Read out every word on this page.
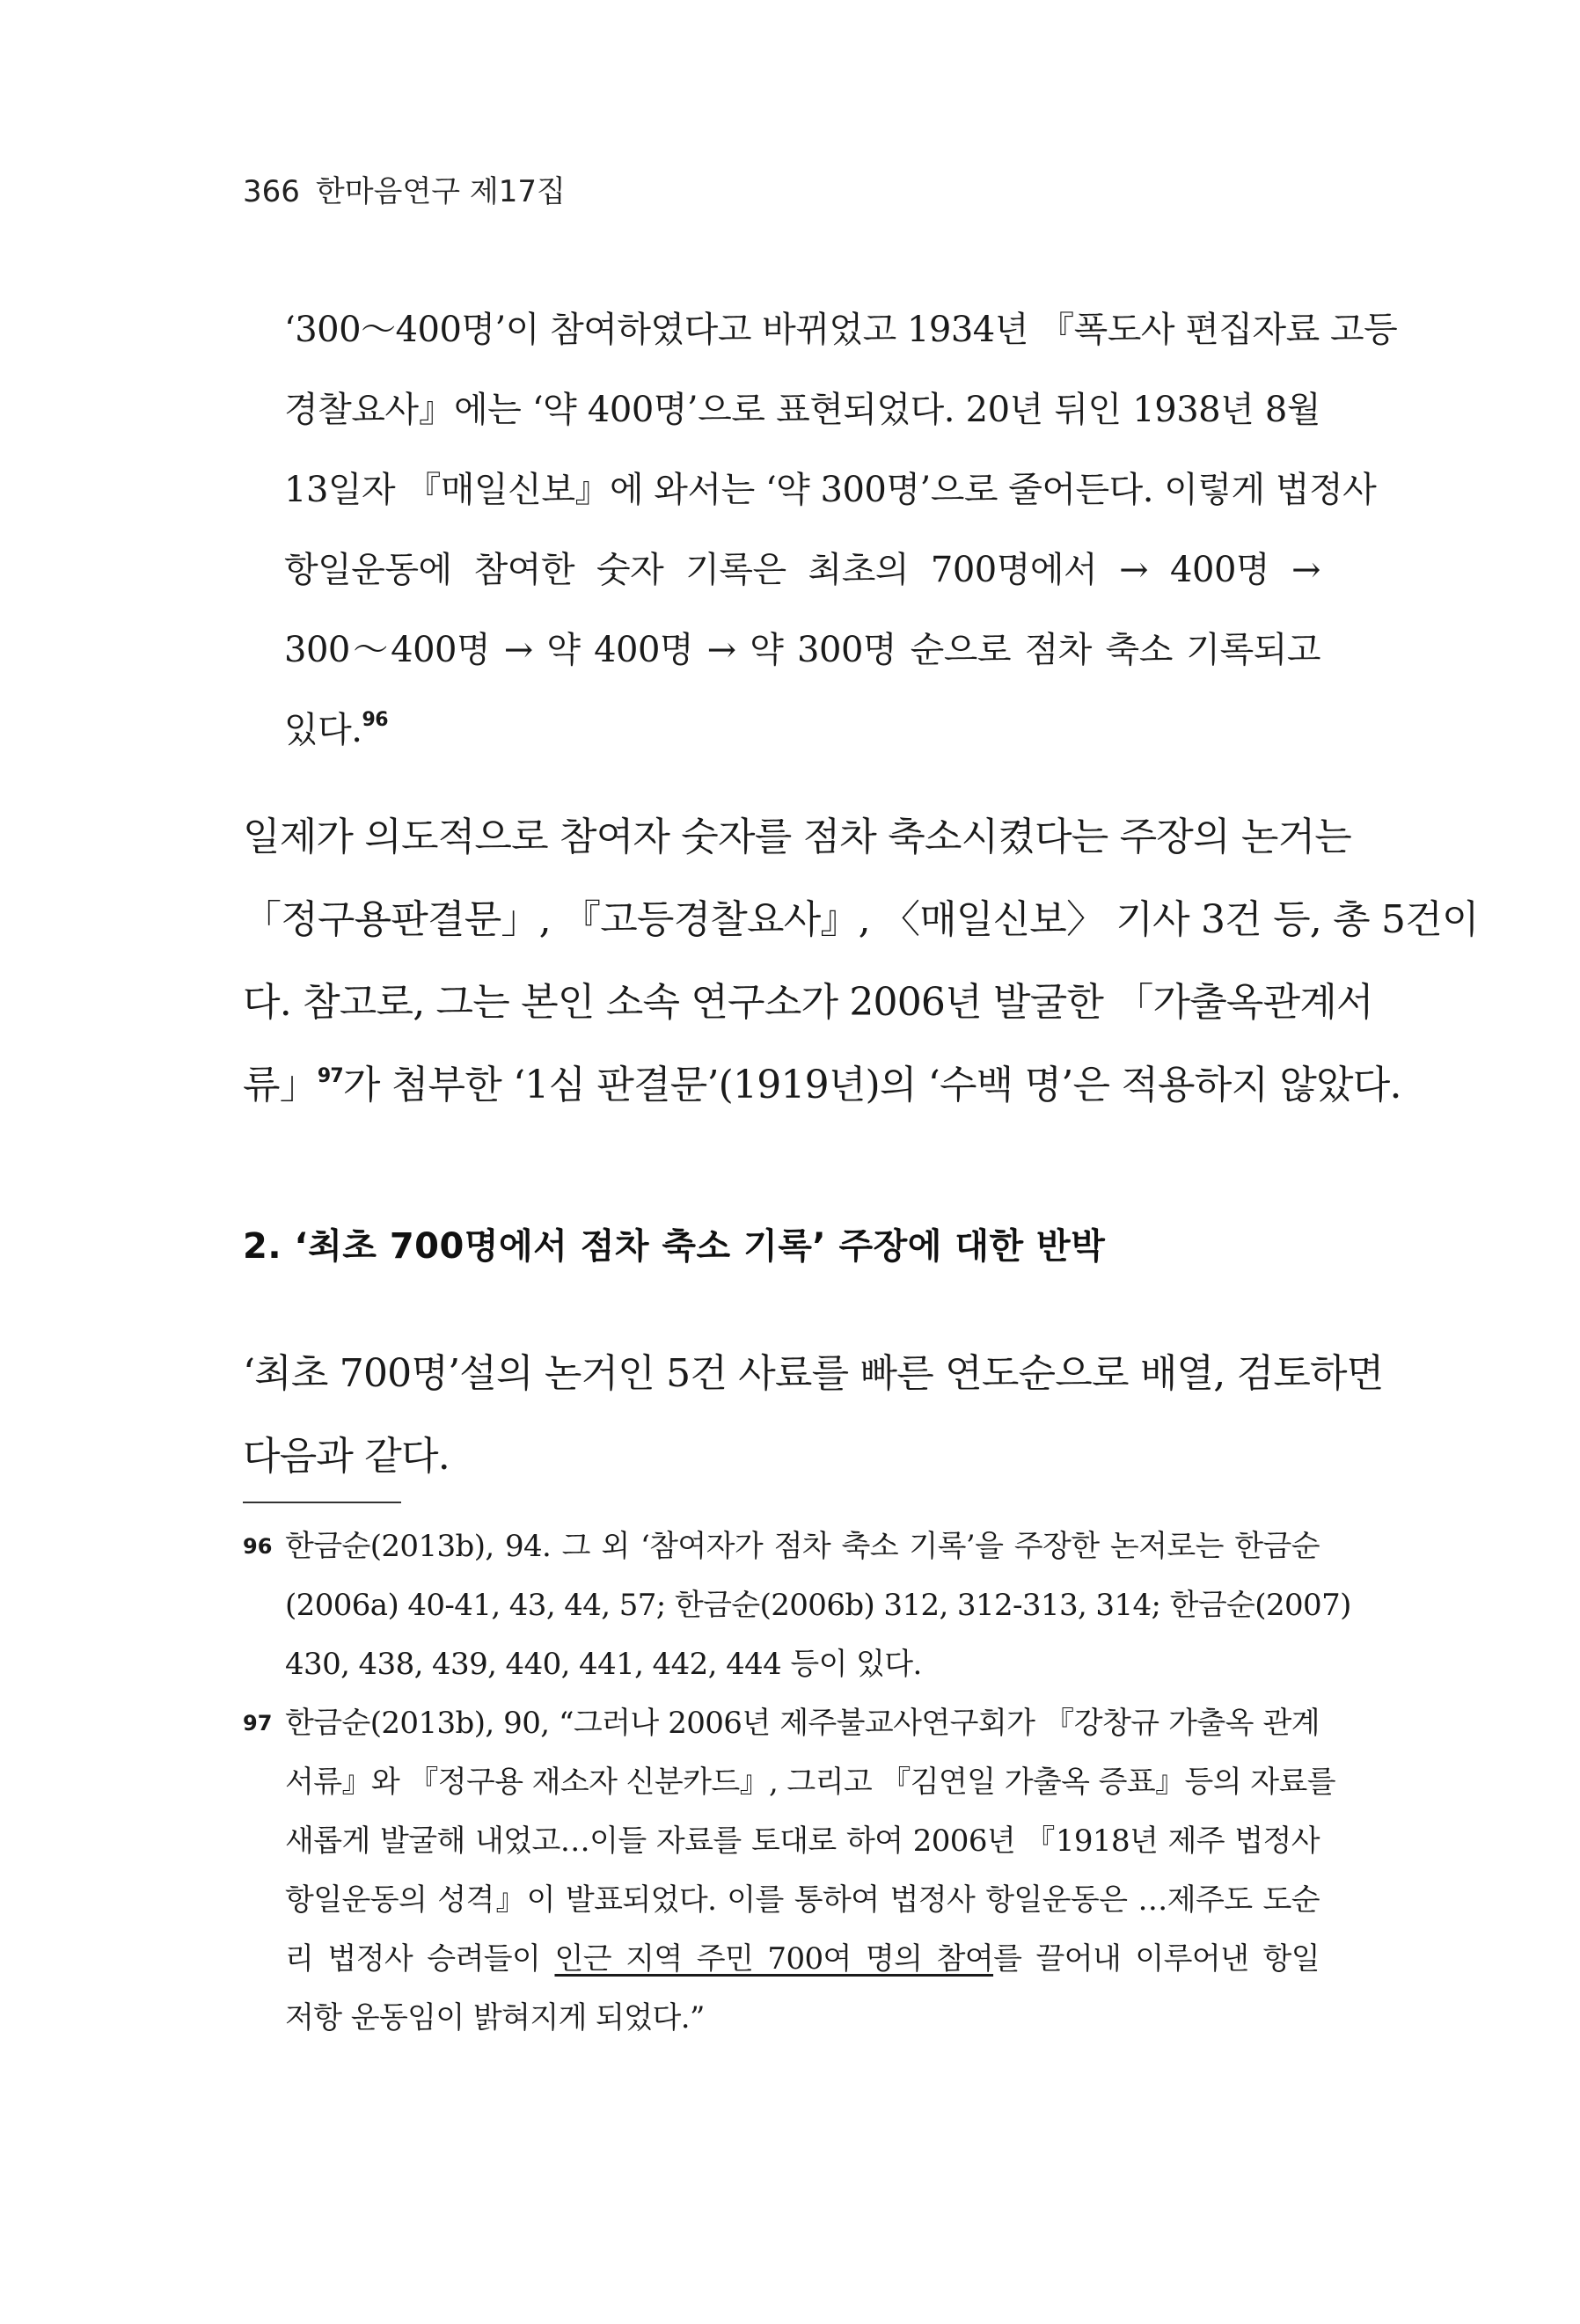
366 한마음연구 제17집

‘300～400명’이 참여하였다고 바뀌었고 1934년 『폭도사 편집자료 고등

경찰요사』에는 ‘약 400명’으로 표현되었다. 20년 뒤인 1938년 8월

13일자 『매일신보』에 와서는 ‘약 300명’으로 줄어든다. 이렇게 법정사

항일운동에 참여한 숫자 기록은 최초의 700명에서 → 400명 →

300～400명 → 약 400명 → 약 300명 순으로 점차 축소 기록되고

있다.$^{96}$

일제가 의도적으로 참여자 숫자를 점차 축소시켰다는 주장의 논거는

「정구용판결문」, 『고등경찰요사』, 〈매일신보〉 기사 3건 등, 총 5건이

다. 참고로, 그는 본인 소속 연구소가 2006년 발굴한 「가출옥관계서

류」$^{97}$가 첨부한 ‘1심 판결문’(1919년)의 ‘수백 명’은 적용하지 않았다.

2. ‘최초 700명에서 점차 축소 기록’ 주장에 대한 반박

‘최초 700명’설의 논거인 5건 사료를 빠른 연도순으로 배열, 검토하면

다음과 같다.

96 한금순(2013b), 94. 그 외 ‘참여자가 점차 축소 기록’을 주장한 논저로는 한금순

(2006a) 40-41, 43, 44, 57; 한금순(2006b) 312, 312-313, 314; 한금순(2007)

430, 438, 439, 440, 441, 442, 444 등이 있다.

97 한금순(2013b), 90, “그러나 2006년 제주불교사연구회가 『강창규 가출옥 관계

서류』와 『정구용 재소자 신분카드』, 그리고 『김연일 가출옥 증표』등의 자료를

새롭게 발굴해 내었고…이들 자료를 토대로 하여 2006년 『1918년 제주 법정사

항일운동의 성격』이 발표되었다. 이를 통하여 법정사 항일운동은 …제주도 도순

리 법정사 승려들이 인근 지역 주민 700여 명의 참여를 끌어내 이루어낸 항일

저항 운동임이 밝혀지게 되었다.”
